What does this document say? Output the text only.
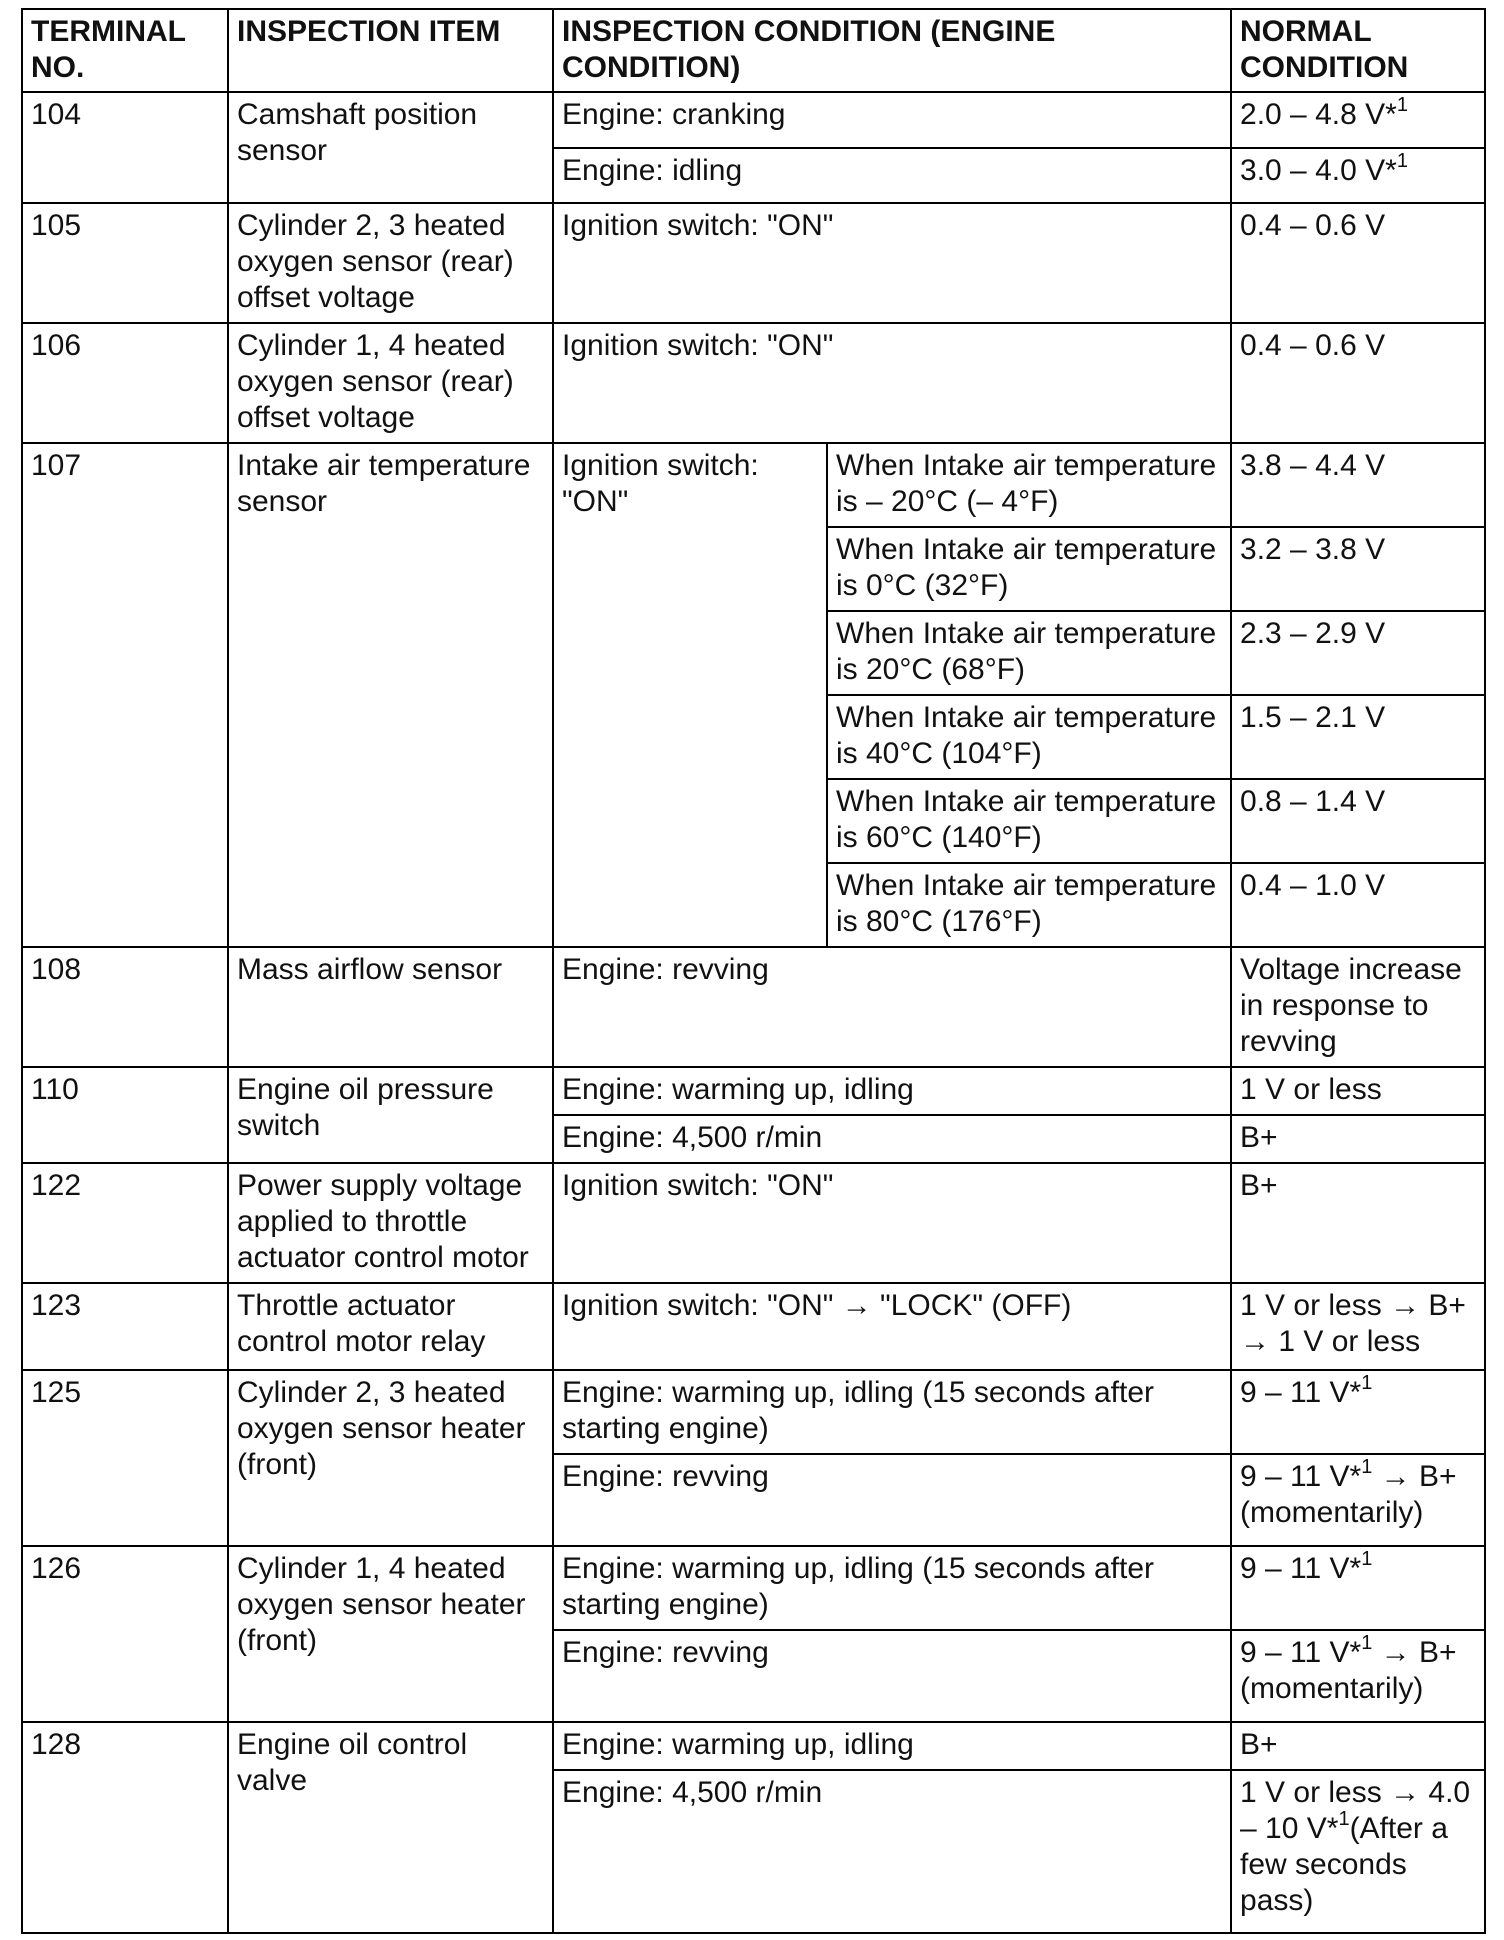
TERMINAL NO.	INSPECTION ITEM	INSPECTION CONDITION (ENGINE CONDITION)		NORMAL CONDITION
104	Camshaft position sensor	Engine: cranking		2.0 – 4.8 V*$^1$
		Engine: idling		3.0 – 4.0 V*$^1$
105	Cylinder 2, 3 heated oxygen sensor (rear) offset voltage	Ignition switch: "ON"		0.4 – 0.6 V
106	Cylinder 1, 4 heated oxygen sensor (rear) offset voltage	Ignition switch: "ON"		0.4 – 0.6 V
107	Intake air temperature sensor	Ignition switch: "ON"	When Intake air temperature is – 20°C (– 4°F)	3.8 – 4.4 V
			When Intake air temperature is 0°C (32°F)	3.2 – 3.8 V
			When Intake air temperature is 20°C (68°F)	2.3 – 2.9 V
			When Intake air temperature is 40°C (104°F)	1.5 – 2.1 V
			When Intake air temperature is 60°C (140°F)	0.8 – 1.4 V
			When Intake air temperature is 80°C (176°F)	0.4 – 1.0 V
108	Mass airflow sensor	Engine: revving		Voltage increase in response to revving
110	Engine oil pressure switch	Engine: warming up, idling		1 V or less
		Engine: 4,500 r/min		B+
122	Power supply voltage applied to throttle actuator control motor	Ignition switch: "ON"		B+
123	Throttle actuator control motor relay	Ignition switch: "ON" → "LOCK" (OFF)		1 V or less → B+ → 1 V or less
125	Cylinder 2, 3 heated oxygen sensor heater (front)	Engine: warming up, idling (15 seconds after starting engine)		9 – 11 V*$^1$
		Engine: revving		9 – 11 V*$^1$ → B+ (momentarily)
126	Cylinder 1, 4 heated oxygen sensor heater (front)	Engine: warming up, idling (15 seconds after starting engine)		9 – 11 V*$^1$
		Engine: revving		9 – 11 V*$^1$ → B+ (momentarily)
128	Engine oil control valve	Engine: warming up, idling		B+
		Engine: 4,500 r/min		1 V or less → 4.0 – 10 V*$^1$(After a few seconds pass)
